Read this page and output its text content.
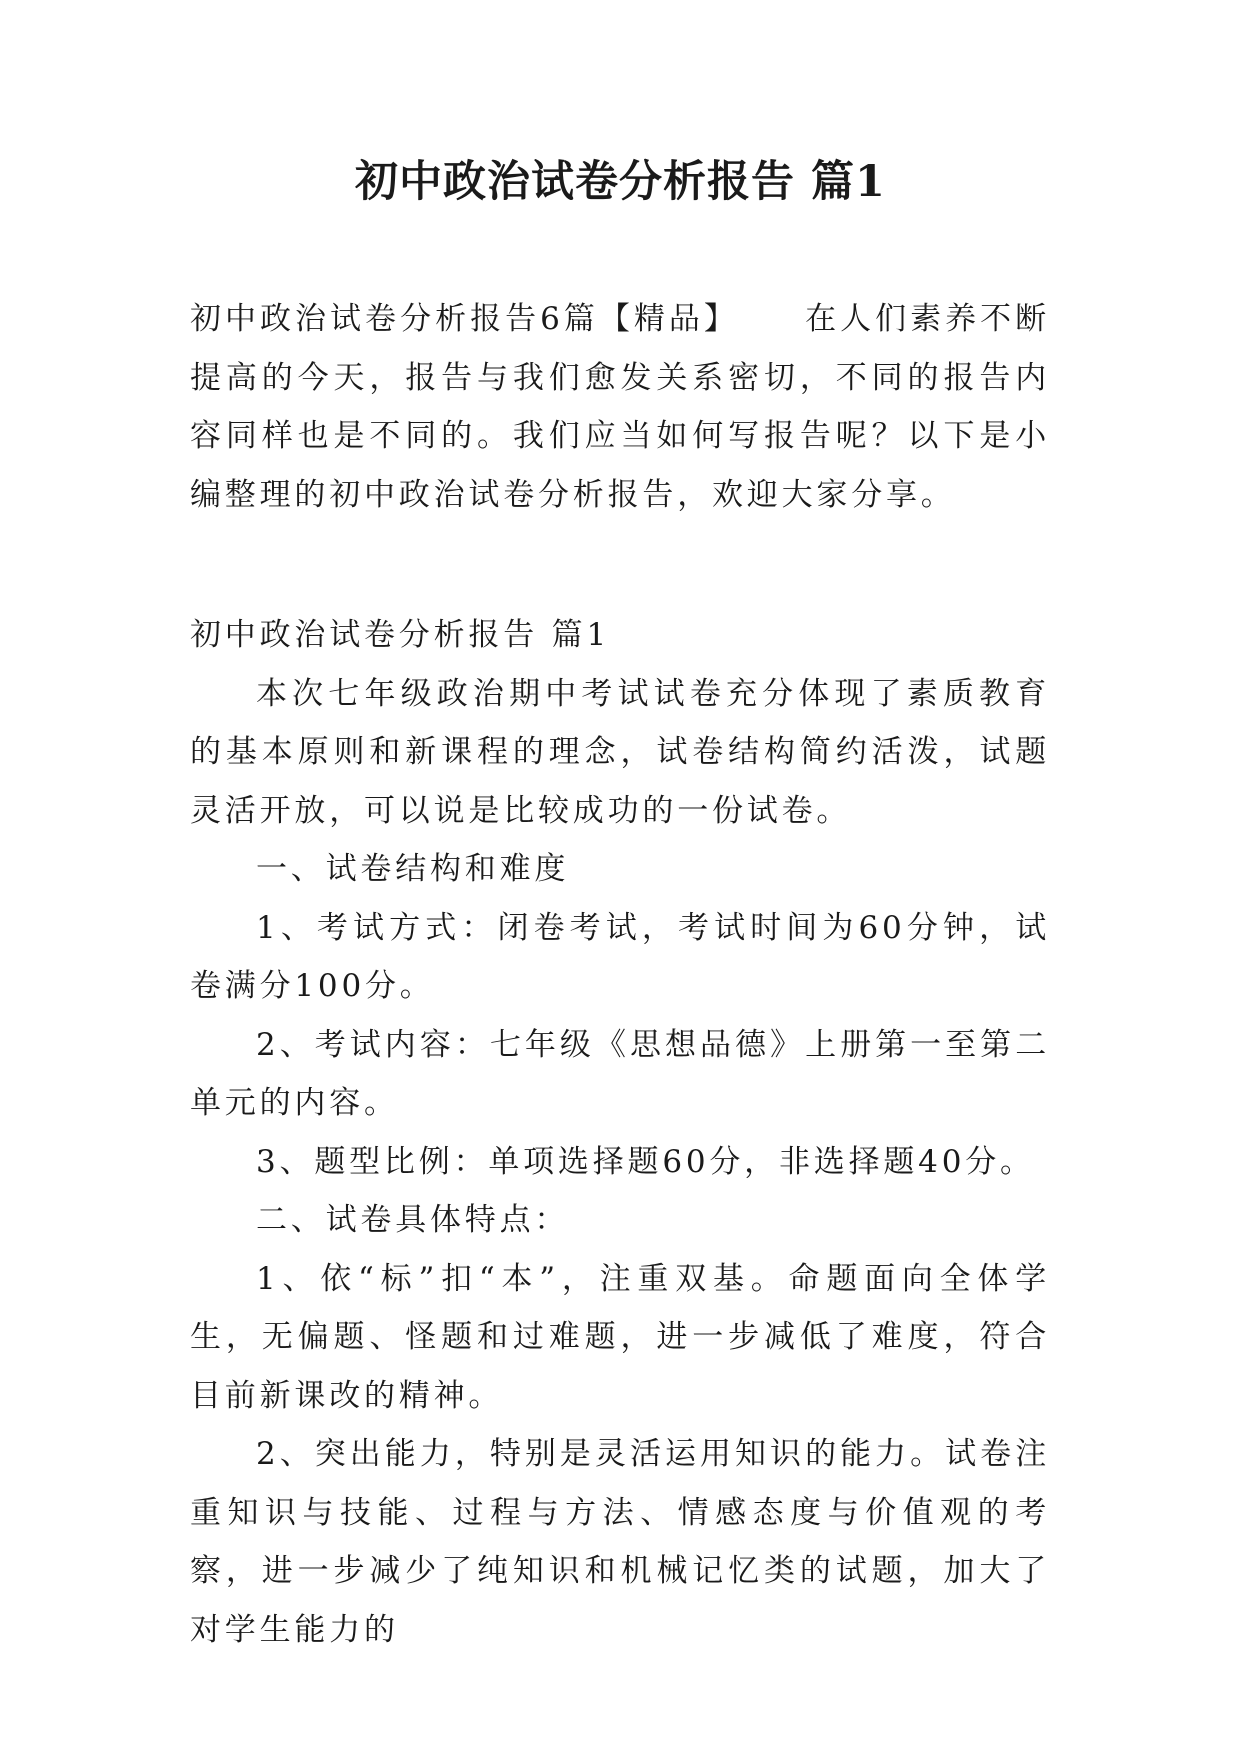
初中政治试卷分析报告 篇1

初中政治试卷分析报告6篇【精品】 在人们素养不断提高的今天，报告与我们愈发关系密切，不同的报告内容同样也是不同的。我们应当如何写报告呢？以下是小编整理的初中政治试卷分析报告，欢迎大家分享。

初中政治试卷分析报告 篇1

本次七年级政治期中考试试卷充分体现了素质教育的基本原则和新课程的理念，试卷结构简约活泼，试题灵活开放，可以说是比较成功的一份试卷。

一、试卷结构和难度

1、考试方式：闭卷考试，考试时间为60分钟，试卷满分100分。

2、考试内容：七年级《思想品德》上册第一至第二单元的内容。

3、题型比例：单项选择题60分，非选择题40分。

二、试卷具体特点：

1、依“标”扣“本”，注重双基。命题面向全体学生，无偏题、怪题和过难题，进一步减低了难度，符合目前新课改的精神。

2、突出能力，特别是灵活运用知识的能力。试卷注重知识与技能、过程与方法、情感态度与价值观的考察，进一步减少了纯知识和机械记忆类的试题，加大了对学生能力的
